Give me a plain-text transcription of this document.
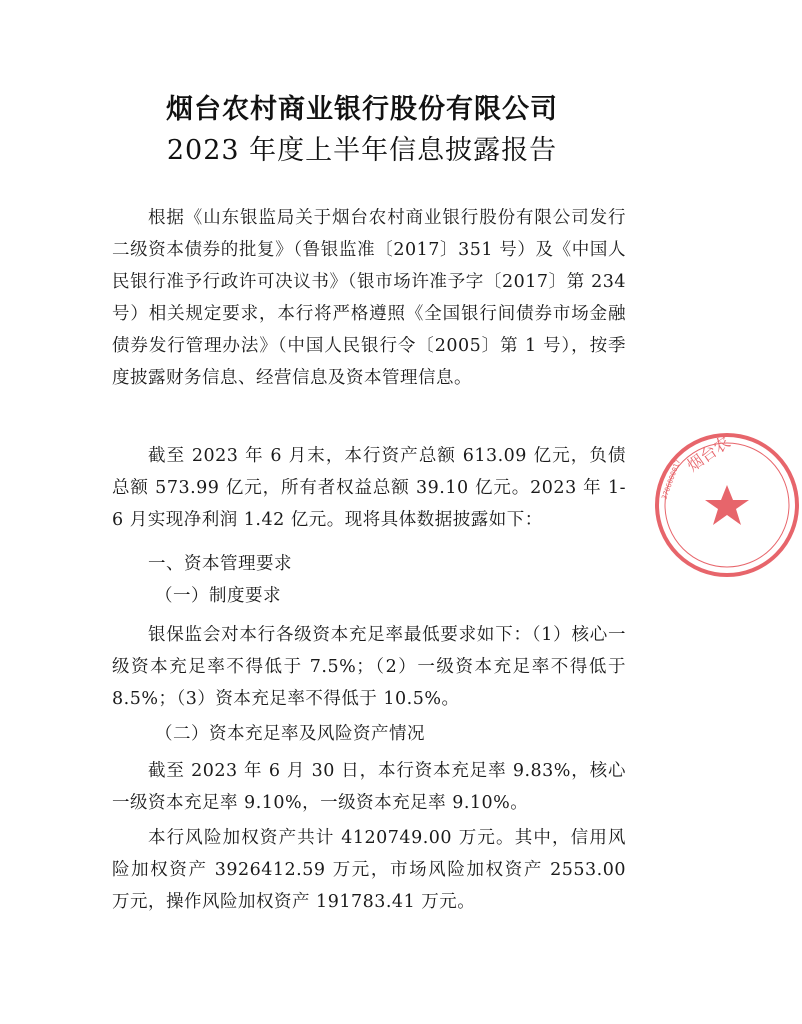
烟台农村商业银行股份有限公司
2023 年度上半年信息披露报告

根据《山东银监局关于烟台农村商业银行股份有限公司发行二级资本债券的批复》（鲁银监准〔2017〕351 号）及《中国人民银行准予行政许可决议书》（银市场许准予字〔2017〕第 234 号）相关规定要求，本行将严格遵照《全国银行间债券市场金融债券发行管理办法》（中国人民银行令〔2005〕第 1 号），按季度披露财务信息、经营信息及资本管理信息。

截至 2023 年 6 月末，本行资产总额 613.09 亿元，负债总额 573.99 亿元，所有者权益总额 39.10 亿元。2023 年 1-6 月实现净利润 1.42 亿元。现将具体数据披露如下：

一、资本管理要求
（一）制度要求

银保监会对本行各级资本充足率最低要求如下：（1）核心一级资本充足率不得低于 7.5%；（2）一级资本充足率不得低于 8.5%；（3）资本充足率不得低于 10.5%。

（二）资本充足率及风险资产情况

截至 2023 年 6 月 30 日，本行资本充足率 9.83%，核心一级资本充足率 9.10%，一级资本充足率 9.10%。

本行风险加权资产共计 4120749.00 万元。其中，信用风险加权资产 3926412.59 万元，市场风险加权资产 2553.00 万元，操作风险加权资产 191783.41 万元。

烟台农
3706000017
